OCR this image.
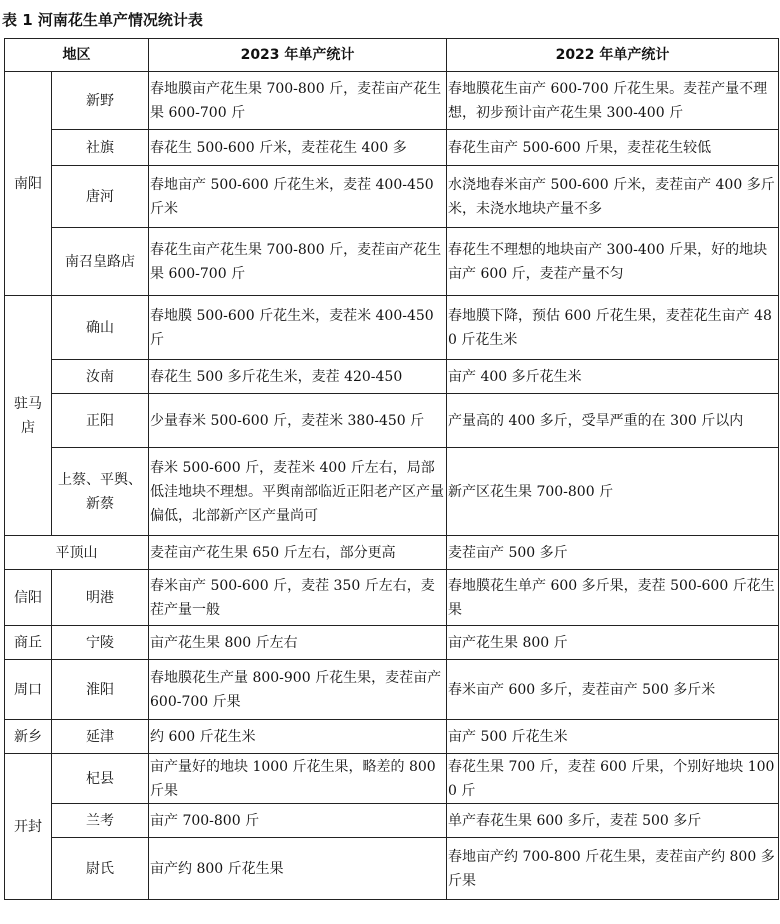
表 1 河南花生单产情况统计表
地区		2023 年单产统计	2022 年单产统计
南阳	新野	春地膜亩产花生果 700-800 斤，麦茬亩产花生果 600-700 斤	春地膜花生亩产 600-700 斤花生果。麦茬产量不理想，初步预计亩产花生果 300-400 斤
	社旗	春花生 500-600 斤米，麦茬花生 400 多	春花生亩产 500-600 斤果，麦茬花生较低
	唐河	春地亩产 500-600 斤花生米，麦茬 400-450 斤米	水浇地春米亩产 500-600 斤米，麦茬亩产 400 多斤米，未浇水地块产量不多
	南召皇路店	春花生亩产花生果 700-800 斤，麦茬亩产花生果 600-700 斤	春花生不理想的地块亩产 300-400 斤果，好的地块亩产 600 斤，麦茬产量不匀
驻马店	确山	春地膜 500-600 斤花生米，麦茬米 400-450 斤	春地膜下降，预估 600 斤花生果，麦茬花生亩产 480 斤花生米
	汝南	春花生 500 多斤花生米，麦茬 420-450	亩产 400 多斤花生米
	正阳	少量春米 500-600 斤，麦茬米 380-450 斤	产量高的 400 多斤，受旱严重的在 300 斤以内
	上蔡、平舆、新蔡	春米 500-600 斤，麦茬米 400 斤左右，局部低洼地块不理想。平舆南部临近正阳老产区产量偏低，北部新产区产量尚可	新产区花生果 700-800 斤
平顶山		麦茬亩产花生果 650 斤左右，部分更高	麦茬亩产 500 多斤
信阳	明港	春米亩产 500-600 斤，麦茬 350 斤左右，麦茬产量一般	春地膜花生单产 600 多斤果，麦茬 500-600 斤花生果
商丘	宁陵	亩产花生果 800 斤左右	亩产花生果 800 斤
周口	淮阳	春地膜花生产量 800-900 斤花生果，麦茬亩产 600-700 斤果	春米亩产 600 多斤，麦茬亩产 500 多斤米
新乡	延津	约 600 斤花生米	亩产 500 斤花生米
开封	杞县	亩产量好的地块 1000 斤花生果，略差的 800 斤果	春花生果 700 斤，麦茬 600 斤果，个别好地块 1000 斤
	兰考	亩产 700-800 斤	单产春花生果 600 多斤，麦茬 500 多斤
	尉氏	亩产约 800 斤花生果	春地亩产约 700-800 斤花生果，麦茬亩产约 800 多斤果
